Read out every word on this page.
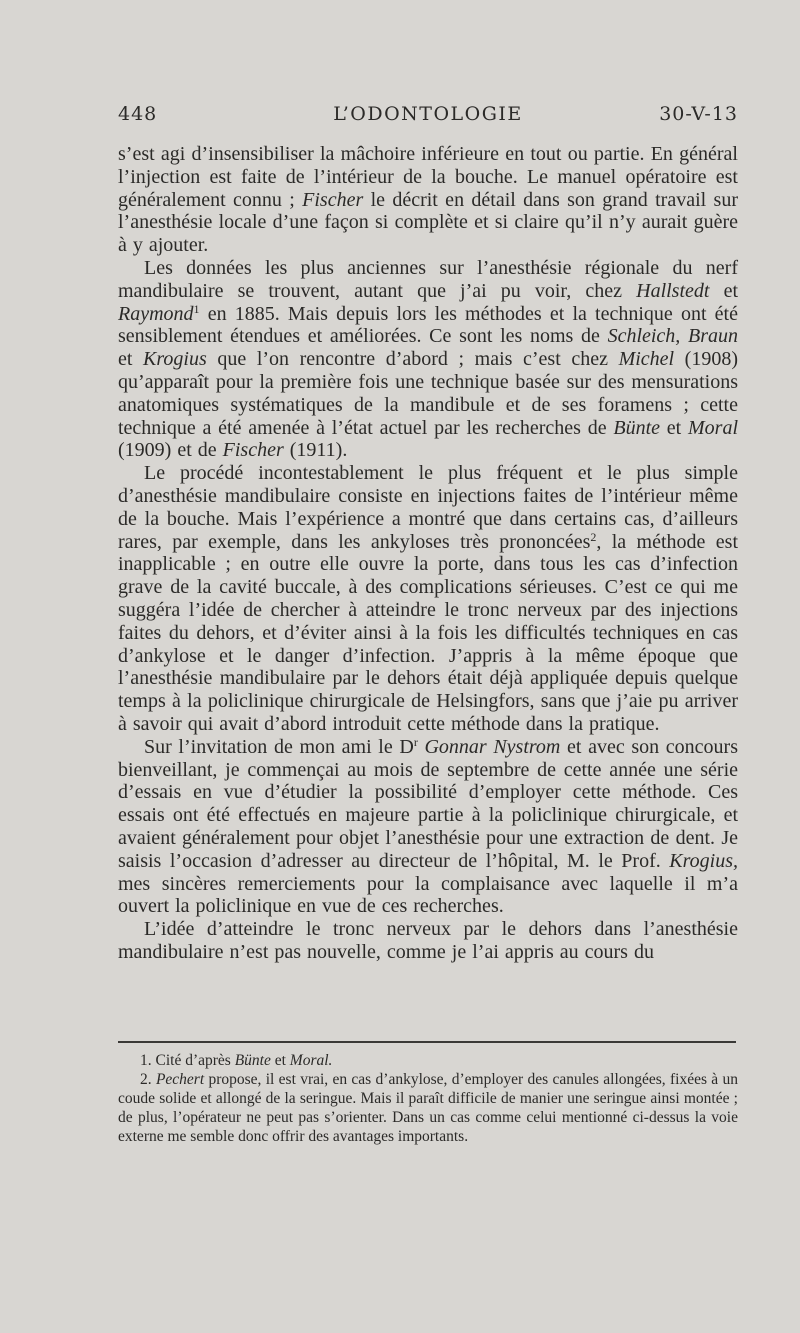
448	L’ODONTOLOGIE	30-V-13

s’est agi d’insensibiliser la mâchoire inférieure en tout ou partie. En général l’injection est faite de l’intérieur de la bouche. Le manuel opératoire est généralement connu ; Fischer le décrit en détail dans son grand travail sur l’anesthésie locale d’une façon si complète et si claire qu’il n’y aurait guère à y ajouter.

Les données les plus anciennes sur l’anesthésie régionale du nerf mandibulaire se trouvent, autant que j’ai pu voir, chez Hallstedt et Raymond$^1$ en 1885. Mais depuis lors les méthodes et la technique ont été sensiblement étendues et améliorées. Ce sont les noms de Schleich, Braun et Krogius que l’on rencontre d’abord ; mais c’est chez Michel (1908) qu’apparaît pour la première fois une technique basée sur des mensurations anatomiques systématiques de la mandibule et de ses foramens ; cette technique a été amenée à l’état actuel par les recherches de Bünte et Moral (1909) et de Fischer (1911).

Le procédé incontestablement le plus fréquent et le plus simple d’anesthésie mandibulaire consiste en injections faites de l’intérieur même de la bouche. Mais l’expérience a montré que dans certains cas, d’ailleurs rares, par exemple, dans les ankyloses très prononcées$^2$, la méthode est inapplicable ; en outre elle ouvre la porte, dans tous les cas d’infection grave de la cavité buccale, à des complications sérieuses. C’est ce qui me suggéra l’idée de chercher à atteindre le tronc nerveux par des injections faites du dehors, et d’éviter ainsi à la fois les difficultés techniques en cas d’ankylose et le danger d’infection. J’appris à la même époque que l’anesthésie mandibulaire par le dehors était déjà appliquée depuis quelque temps à la policlinique chirurgicale de Helsingfors, sans que j’aie pu arriver à savoir qui avait d’abord introduit cette méthode dans la pratique.

Sur l’invitation de mon ami le $D^r$ Gonnar Nystrom et avec son concours bienveillant, je commençai au mois de septembre de cette année une série d’essais en vue d’étudier la possibilité d’employer cette méthode. Ces essais ont été effectués en majeure partie à la policlinique chirurgicale, et avaient généralement pour objet l’anesthésie pour une extraction de dent. Je saisis l’occasion d’adresser au directeur de l’hôpital, M. le Prof. Krogius, mes sincères remerciements pour la complaisance avec laquelle il m’a ouvert la policlinique en vue de ces recherches.

L’idée d’atteindre le tronc nerveux par le dehors dans l’anesthésie mandibulaire n’est pas nouvelle, comme je l’ai appris au cours du

1. Cité d’après Bünte et Moral.

2. Pechert propose, il est vrai, en cas d’ankylose, d’employer des canules allongées, fixées à un coude solide et allongé de la seringue. Mais il paraît difficile de manier une seringue ainsi montée ; de plus, l’opérateur ne peut pas s’orienter. Dans un cas comme celui mentionné ci-dessus la voie externe me semble donc offrir des avantages importants.
